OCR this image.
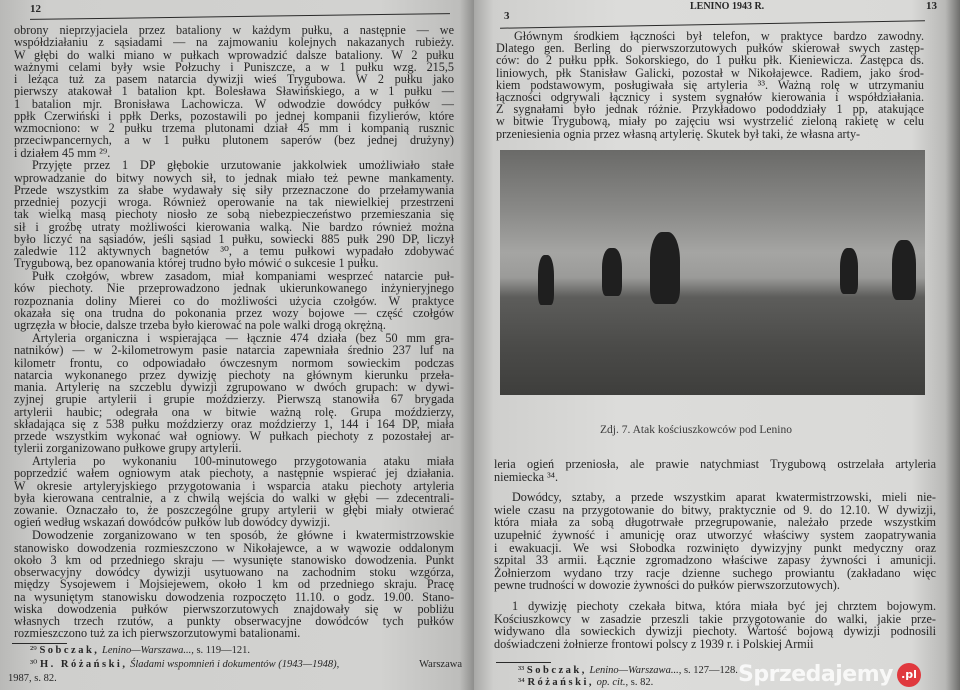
12
obrony nieprzyjaciela przez bataliony w każdym pułku, a następnie — we
współdziałaniu z sąsiadami — na zajmowaniu kolejnych nakazanych rubieży.
W głębi do walki miano w pułkach wprowadzić dalsze bataliony. W 2 pułku
ważnymi celami były wsie Połzuchy i Puniszcze, a w 1 pułku wzg. 215,5
i leżąca tuż za pasem natarcia dywizji wieś Trygubowa. W 2 pułku jako
pierwszy atakował 1 batalion kpt. Bolesława Sławińskiego, a w 1 pułku —
1 batalion mjr. Bronisława Lachowicza. W odwodzie dowódcy pułków —
ppłk Czerwiński i ppłk Derks, pozostawili po jednej kompanii fizylierów, które
wzmocniono: w 2 pułku trzema plutonami dział 45 mm i kompanią rusznic
przeciwpancernych, a w 1 pułku plutonem saperów (bez jednej drużyny)
i działem 45 mm ²⁹.
Przyjęte przez 1 DP głębokie urzutowanie jakkolwiek umożliwiało stałe
wprowadzanie do bitwy nowych sił, to jednak miało też pewne mankamenty.
Przede wszystkim za słabe wydawały się siły przeznaczone do przełamywania
przedniej pozycji wroga. Również operowanie na tak niewielkiej przestrzeni
tak wielką masą piechoty niosło ze sobą niebezpieczeństwo przemieszania się
sił i groźbę utraty możliwości kierowania walką. Nie bardzo również można
było liczyć na sąsiadów, jeśli sąsiad 1 pułku, sowiecki 885 pułk 290 DP, liczył
zaledwie 112 aktywnych bagnetów ³⁰, a temu pułkowi wypadało zdobywać
Trygubową, bez opanowania której trudno było mówić o sukcesie 1 pułku.
Pułk czołgów, wbrew zasadom, miał kompaniami wesprzeć natarcie puł-
ków piechoty. Nie przeprowadzono jednak ukierunkowanego inżynieryjnego
rozpoznania doliny Mierei co do możliwości użycia czołgów. W praktyce
okazała się ona trudna do pokonania przez wozy bojowe — część czołgów
ugrzęzła w błocie, dalsze trzeba było kierować na pole walki drogą okrężną.
Artyleria organiczna i wspierająca — łącznie 474 działa (bez 50 mm gra-
natników) — w 2-kilometrowym pasie natarcia zapewniała średnio 237 luf na
kilometr frontu, co odpowiadało ówczesnym normom sowieckim podczas
natarcia wykonanego przez dywizję piechoty na głównym kierunku przeła-
mania. Artylerię na szczeblu dywizji zgrupowano w dwóch grupach: w dywi-
zyjnej grupie artylerii i grupie moździerzy. Pierwszą stanowiła 67 brygada
artylerii haubic; odegrała ona w bitwie ważną rolę. Grupa moździerzy,
składająca się z 538 pułku moździerzy oraz moździerzy 1, 144 i 164 DP, miała
przede wszystkim wykonać wał ogniowy. W pułkach piechoty z pozostałej ar-
tylerii zorganizowano pułkowe grupy artylerii.
Artyleria po wykonaniu 100-minutowego przygotowania ataku miała
poprzedzić wałem ogniowym atak piechoty, a następnie wspierać jej działania.
W okresie artyleryjskiego przygotowania i wsparcia ataku piechoty artyleria
była kierowana centralnie, a z chwilą wejścia do walki w głębi — zdecentrali-
zowanie. Oznaczało to, że poszczególne grupy artylerii w głębi miały otwierać
ogień według wskazań dowódców pułków lub dowódcy dywizji.
Dowodzenie zorganizowano w ten sposób, że główne i kwatermistrzowskie
stanowisko dowodzenia rozmieszczono w Nikołajewce, a w wąwozie oddalonym
około 3 km od przedniego skraju — wysunięte stanowisko dowodzenia. Punkt
obserwacyjny dowódcy dywizji usytuowano na zachodnim stoku wzgórza,
między Sysojewem i Mojsiejewem, około 1 km od przedniego skraju. Pracę
na wysuniętym stanowisku dowodzenia rozpoczęto 11.10. o godz. 19.00. Stano-
wiska dowodzenia pułków pierwszorzutowych znajdowały się w pobliżu
własnych trzech rzutów, a punkty obserwacyjne dowódców tych pułków
rozmieszczono tuż za ich pierwszorzutowymi batalionami.
²⁹ Sobczak, Lenino—Warszawa..., s. 119—121.
³⁰ H. Różański, Śladami wspomnień i dokumentów (1943—1948),	Warszawa
1987, s. 82.
3
LENINO 1943 R.	13
Głównym środkiem łączności był telefon, w praktyce bardzo zawodny.
Dlatego gen. Berling do pierwszorzutowych pułków skierował swych zastęp-
ców: do 2 pułku ppłk. Sokorskiego, do 1 pułku płk. Kieniewicza. Zastępca ds.
liniowych, płk Stanisław Galicki, pozostał w Nikołajewce. Radiem, jako środ-
kiem podstawowym, posługiwała się artyleria ³³. Ważną rolę w utrzymaniu
łączności odgrywali łącznicy i system sygnałów kierowania i współdziałania.
Z sygnałami było jednak różnie. Przykładowo pododdziały 1 pp, atakujące
w bitwie Trygubową, miały po zajęciu wsi wystrzelić zieloną rakietę w celu
przeniesienia ognia przez własną artylerię. Skutek był taki, że własna arty-
Zdj. 7. Atak kościuszkowców pod Lenino
leria ogień przeniosła, ale prawie natychmiast Trygubową ostrzelała artyleria
niemiecka ³⁴.
Dowódcy, sztaby, a przede wszystkim aparat kwatermistrzowski, mieli nie-
wiele czasu na przygotowanie do bitwy, praktycznie od 9. do 12.10. W dywizji,
która miała za sobą długotrwałe przegrupowanie, należało przede wszystkim
uzupełnić żywność i amunicję oraz utworzyć właściwy system zaopatrywania
i ewakuacji. We wsi Słobodka rozwinięto dywizyjny punkt medyczny oraz
szpital 33 armii. Łącznie zgromadzono właściwe zapasy żywności i amunicji.
Żołnierzom wydano trzy racje dzienne suchego prowiantu (zakładano więc
pewne trudności w dowozie żywności do pułków pierwszorzutowych).
1 dywizję piechoty czekała bitwa, która miała być jej chrztem bojowym.
Kościuszkowcy w zasadzie przeszli takie przygotowanie do walki, jakie prze-
widywano dla sowieckich dywizji piechoty. Wartość bojową dywizji podnosili
doświadczeni żołnierze frontowi polscy z 1939 r. i Polskiej Armii
³³ Sobczak, Lenino—Warszawa..., s. 127—128.
³⁴ Różański, op. cit., s. 82.	Sprzedajemy .pl
